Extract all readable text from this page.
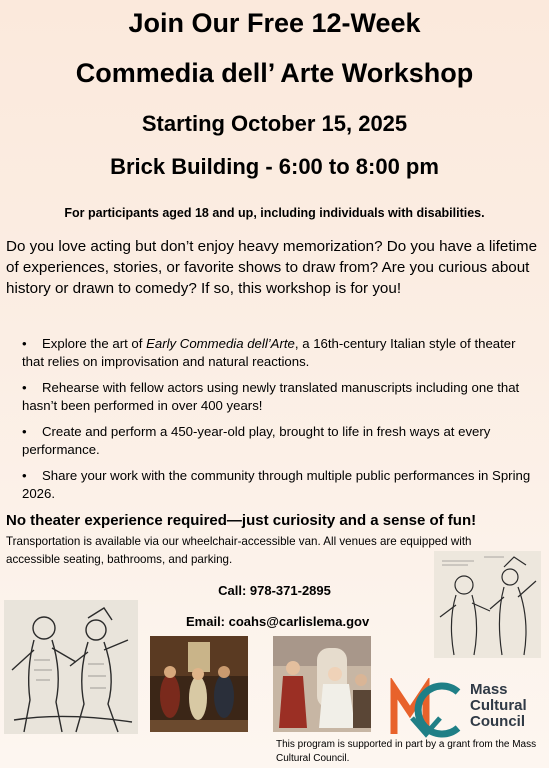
Join Our Free 12-Week
Commedia dell’ Arte Workshop
Starting October 15, 2025
Brick Building - 6:00 to 8:00 pm
For participants aged 18 and up, including individuals with disabilities.
Do you love acting but don’t enjoy heavy memorization? Do you have a lifetime of experiences, stories, or favorite shows to draw from? Are you curious about history or drawn to comedy? If so, this workshop is for you!
• Explore the art of Early Commedia dell’Arte, a 16th-century Italian style of theater that relies on improvisation and natural reactions.
• Rehearse with fellow actors using newly translated manuscripts including one that hasn’t been performed in over 400 years!
• Create and perform a 450-year-old play, brought to life in fresh ways at every performance.
• Share your work with the community through multiple public performances in Spring 2026.
No theater experience required—just curiosity and a sense of fun!
Transportation is available via our wheelchair-accessible van. All venues are equipped with accessible seating, bathrooms, and parking.
Call: 978-371-2895
Email: coahs@carlislema.gov
Mass
Cultural
Council
This program is supported in part by a grant from the Mass Cultural Council.
